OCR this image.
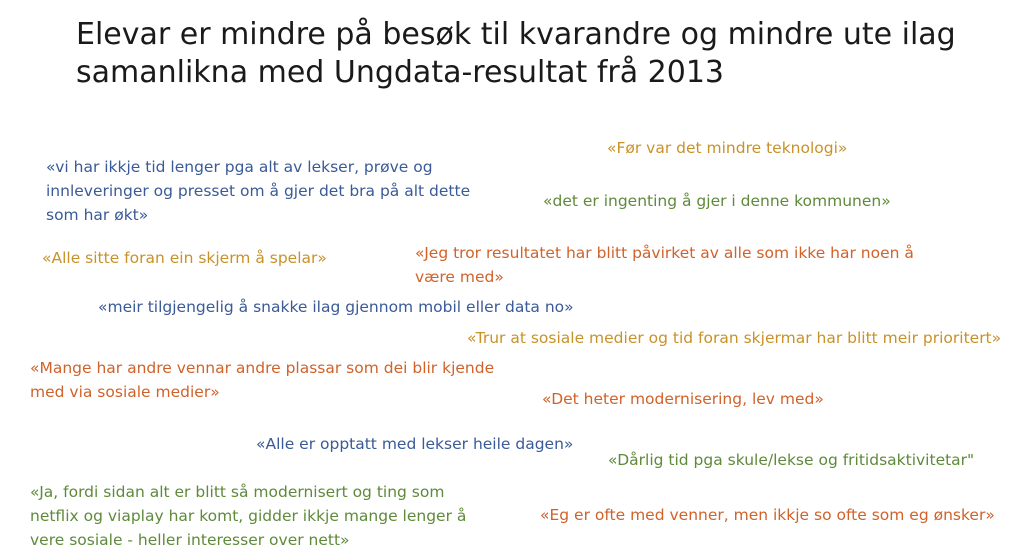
Elevar er mindre på besøk til kvarandre og mindre ute ilag
samanlikna med Ungdata-resultat frå 2013

«vi har ikkje tid lenger pga alt av lekser, prøve og
innleveringer og presset om å gjer det bra på alt dette
som har økt»

«Før var det mindre teknologi»

«det er ingenting å gjer i denne kommunen»

«Alle sitte foran ein skjerm å spelar»	«Jeg tror resultatet har blitt påvirket av alle som ikke har noen å
være med»

«meir tilgjengelig å snakke ilag gjennom mobil eller data no»

«Trur at sosiale medier og tid foran skjermar har blitt meir prioritert»

«Mange har andre vennar andre plassar som dei blir kjende
med via sosiale medier»	«Det heter modernisering, lev med»

«Alle er opptatt med lekser heile dagen»

«Dårlig tid pga skule/lekse og fritidsaktivitetar"

«Ja, fordi sidan alt er blitt så modernisert og ting som
netflix og viaplay har komt, gidder ikkje mange lenger å
vere sosiale - heller interesser over nett»

«Eg er ofte med venner, men ikkje so ofte som eg ønsker»
